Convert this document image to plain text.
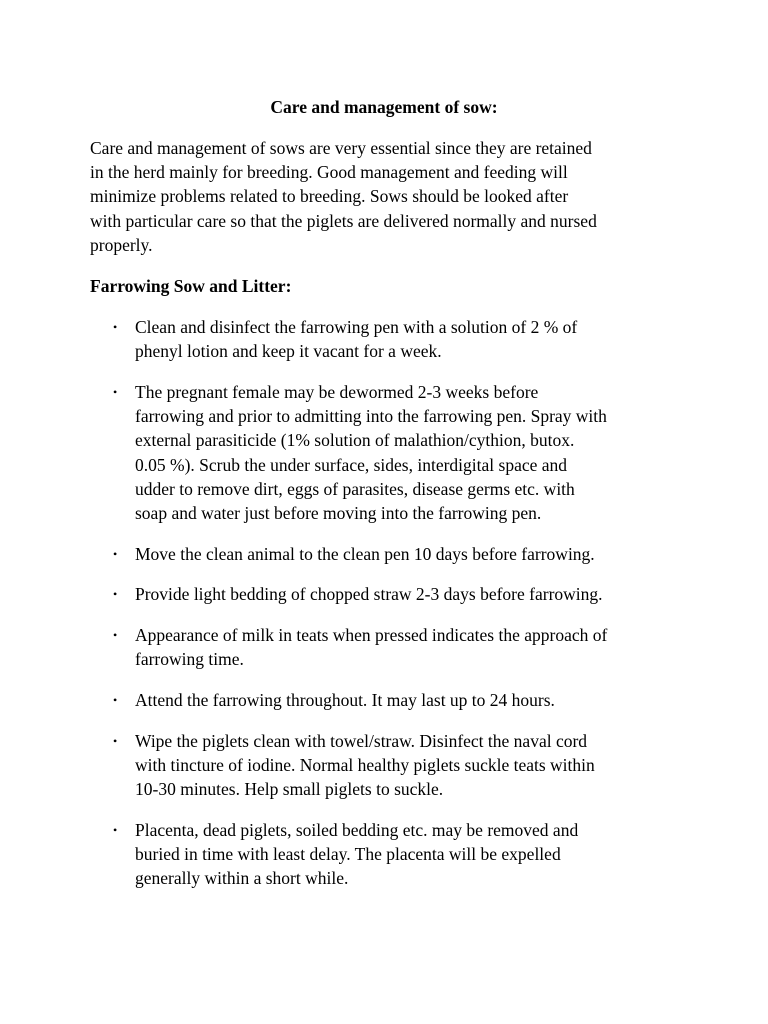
Care and management of sow:

Care and management of sows are very essential since they are retained
in the herd mainly for breeding. Good management and feeding will
minimize problems related to breeding. Sows should be looked after
with particular care so that the piglets are delivered normally and nursed
properly.

Farrowing Sow and Litter:
• Clean and disinfect the farrowing pen with a solution of 2 % of
phenyl lotion and keep it vacant for a week.
• The pregnant female may be dewormed 2-3 weeks before
farrowing and prior to admitting into the farrowing pen. Spray with
external parasiticide (1% solution of malathion/cythion, butox.
0.05 %). Scrub the under surface, sides, interdigital space and
udder to remove dirt, eggs of parasites, disease germs etc. with
soap and water just before moving into the farrowing pen.
• Move the clean animal to the clean pen 10 days before farrowing.
• Provide light bedding of chopped straw 2-3 days before farrowing.
• Appearance of milk in teats when pressed indicates the approach of
farrowing time.
• Attend the farrowing throughout. It may last up to 24 hours.
• Wipe the piglets clean with towel/straw. Disinfect the naval cord
with tincture of iodine. Normal healthy piglets suckle teats within
10-30 minutes. Help small piglets to suckle.
• Placenta, dead piglets, soiled bedding etc. may be removed and
buried in time with least delay. The placenta will be expelled
generally within a short while.
